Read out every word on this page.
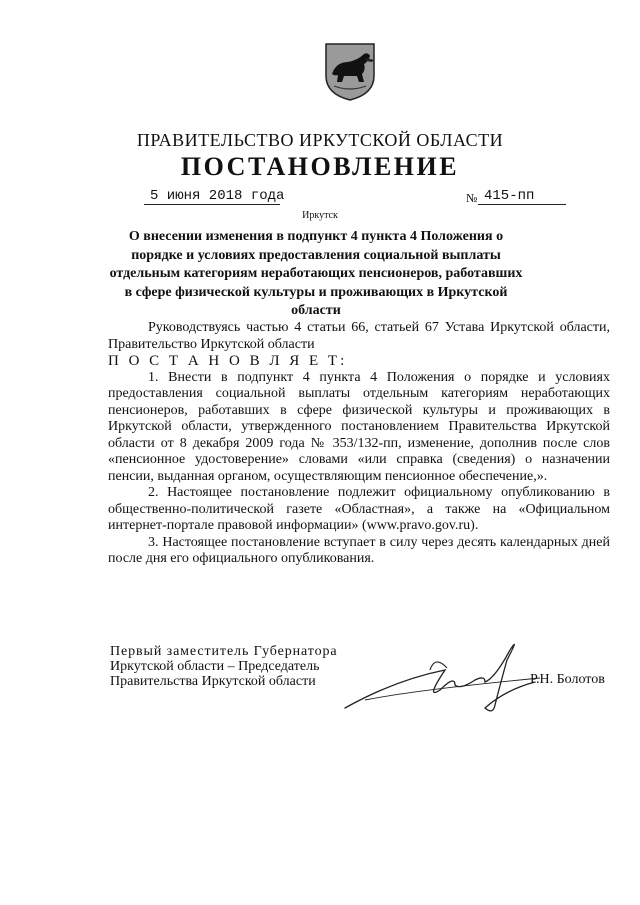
ПРАВИТЕЛЬСТВО ИРКУТСКОЙ ОБЛАСТИ
ПОСТАНОВЛЕНИЕ
5 июня 2018 года	№ 415-пп
Иркутск
О внесении изменения в подпункт 4 пункта 4 Положения о порядке и условиях предоставления социальной выплаты отдельным категориям неработающих пенсионеров, работавших в сфере физической культуры и проживающих в Иркутской области

Руководствуясь частью 4 статьи 66, статьей 67 Устава Иркутской области, Правительство Иркутской области

П О С Т А Н О В Л Я Е Т:

1. Внести в подпункт 4 пункта 4 Положения о порядке и условиях предоставления социальной выплаты отдельным категориям неработающих пенсионеров, работавших в сфере физической культуры и проживающих в Иркутской области, утвержденного постановлением Правительства Иркутской области от 8 декабря 2009 года № 353/132-пп, изменение, дополнив после слов «пенсионное удостоверение» словами «или справка (сведения) о назначении пенсии, выданная органом, осуществляющим пенсионное обеспечение,».

2. Настоящее постановление подлежит официальному опубликованию в общественно-политической газете «Областная», а также на «Официальном интернет-портале правовой информации» (www.pravo.gov.ru).

3. Настоящее постановление вступает в силу через десять календарных дней после дня его официального опубликования.

Первый заместитель Губернатора
Иркутской области – Председатель
Правительства Иркутской области	Р.Н. Болотов
